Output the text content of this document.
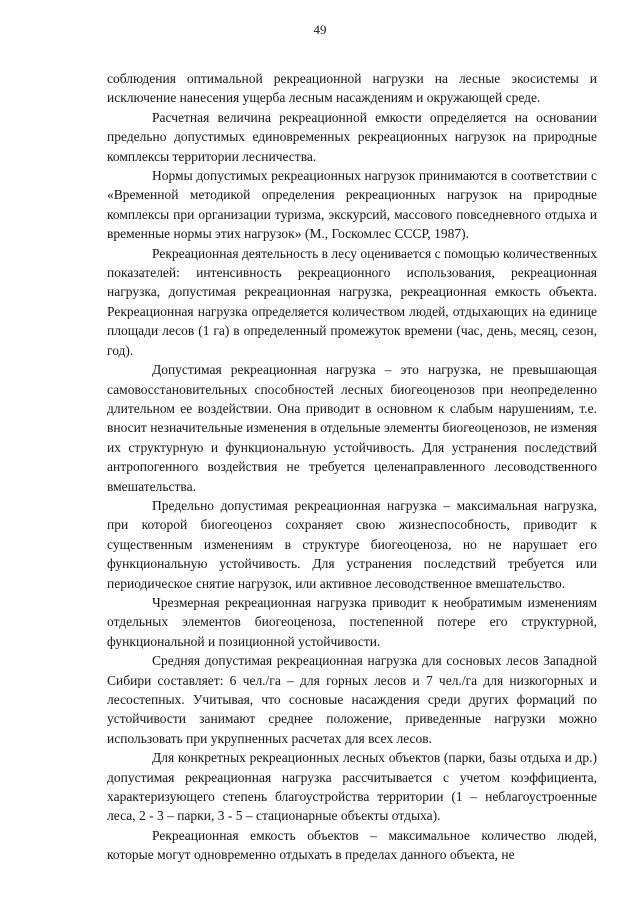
49

соблюдения оптимальной рекреационной нагрузки на лесные экосистемы и исключение нанесения ущерба лесным насаждениям и окружающей среде.

Расчетная величина рекреационной емкости определяется на основании предельно допустимых единовременных рекреационных нагрузок на природные комплексы территории лесничества.

Нормы допустимых рекреационных нагрузок принимаются в соответствии с «Временной методикой определения рекреационных нагрузок на природные комплексы при организации туризма, экскурсий, массового повседневного отдыха и временные нормы этих нагрузок» (М., Госкомлес СССР, 1987).

Рекреационная деятельность в лесу оценивается с помощью количественных показателей: интенсивность рекреационного использования, рекреационная нагрузка, допустимая рекреационная нагрузка, рекреационная емкость объекта. Рекреационная нагрузка определяется количеством людей, отдыхающих на единице площади лесов (1 га) в определенный промежуток времени (час, день, месяц, сезон, год).

Допустимая рекреационная нагрузка – это нагрузка, не превышающая самовосстановительных способностей лесных биогеоценозов при неопределенно длительном ее воздействии. Она приводит в основном к слабым нарушениям, т.е. вносит незначительные изменения в отдельные элементы биогеоценозов, не изменяя их структурную и функциональную устойчивость. Для устранения последствий антропогенного воздействия не требуется целенаправленного лесоводственного вмешательства.

Предельно допустимая рекреационная нагрузка – максимальная нагрузка, при которой биогеоценоз сохраняет свою жизнеспособность, приводит к существенным изменениям в структуре биогеоценоза, но не нарушает его функциональную устойчивость. Для устранения последствий требуется или периодическое снятие нагрузок, или активное лесоводственное вмешательство.

Чрезмерная рекреационная нагрузка приводит к необратимым изменениям отдельных элементов биогеоценоза, постепенной потере его структурной, функциональной и позиционной устойчивости.

Средняя допустимая рекреационная нагрузка для сосновых лесов Западной Сибири составляет: 6 чел./га – для горных лесов и 7 чел./га для низкогорных и лесостепных. Учитывая, что сосновые насаждения среди других формаций по устойчивости занимают среднее положение, приведенные нагрузки можно использовать при укрупненных расчетах для всех лесов.

Для конкретных рекреационных лесных объектов (парки, базы отдыха и др.) допустимая рекреационная нагрузка рассчитывается с учетом коэффициента, характеризующего степень благоустройства территории (1 – неблагоустроенные леса, 2 - 3 – парки, 3 - 5 – стационарные объекты отдыха).

Рекреационная емкость объектов – максимальное количество людей, которые могут одновременно отдыхать в пределах данного объекта, не
